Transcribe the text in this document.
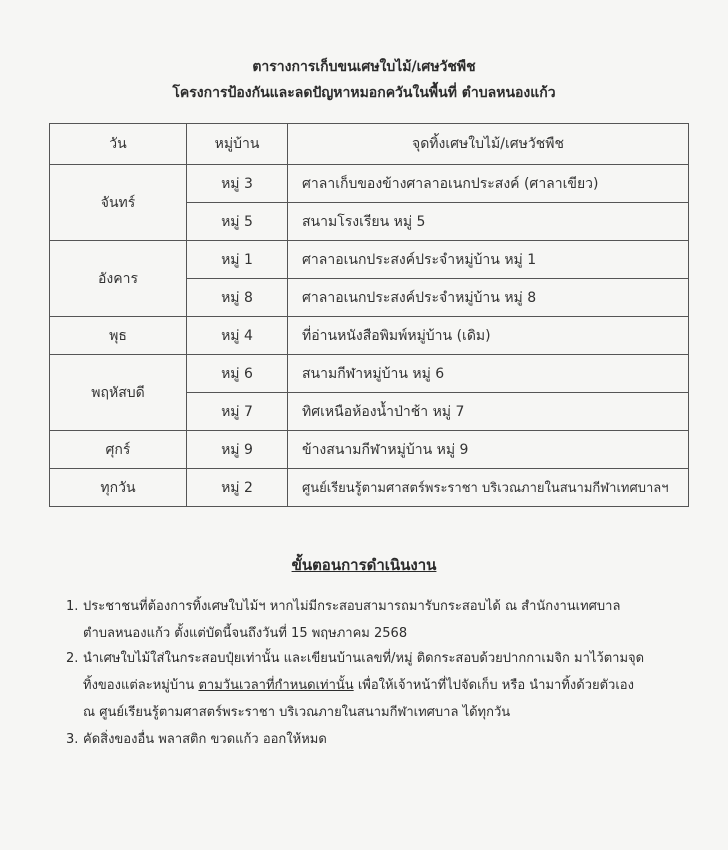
ตารางการเก็บขนเศษใบไม้/เศษวัชพืช
โครงการป้องกันและลดปัญหาหมอกควันในพื้นที่ ตำบลหนองแก้ว
วัน	หมู่บ้าน	จุดทิ้งเศษใบไม้/เศษวัชพืช
จันทร์	หมู่ 3	ศาลาเก็บของข้างศาลาอเนกประสงค์ (ศาลาเขียว)
	หมู่ 5	สนามโรงเรียน หมู่ 5
อังคาร	หมู่ 1	ศาลาอเนกประสงค์ประจำหมู่บ้าน หมู่ 1
	หมู่ 8	ศาลาอเนกประสงค์ประจำหมู่บ้าน หมู่ 8
พุธ	หมู่ 4	ที่อ่านหนังสือพิมพ์หมู่บ้าน (เดิม)
พฤหัสบดี	หมู่ 6	สนามกีฬาหมู่บ้าน หมู่ 6
	หมู่ 7	ทิศเหนือห้องน้ำป่าช้า หมู่ 7
ศุกร์	หมู่ 9	ข้างสนามกีฬาหมู่บ้าน หมู่ 9
ทุกวัน	หมู่ 2	ศูนย์เรียนรู้ตามศาสตร์พระราชา บริเวณภายในสนามกีฬาเทศบาลฯ
ขั้นตอนการดำเนินงาน
1. ประชาชนที่ต้องการทิ้งเศษใบไม้ฯ หากไม่มีกระสอบสามารถมารับกระสอบได้ ณ สำนักงานเทศบาล
ตำบลหนองแก้ว ตั้งแต่บัดนี้จนถึงวันที่ 15 พฤษภาคม 2568
2. นำเศษใบไม้ใส่ในกระสอบปุ๋ยเท่านั้น และเขียนบ้านเลขที่/หมู่ ติดกระสอบด้วยปากกาเมจิก มาไว้ตามจุด
ทิ้งของแต่ละหมู่บ้าน ตามวันเวลาที่กำหนดเท่านั้น เพื่อให้เจ้าหน้าที่ไปจัดเก็บ หรือ นำมาทิ้งด้วยตัวเอง
ณ ศูนย์เรียนรู้ตามศาสตร์พระราชา บริเวณภายในสนามกีฬาเทศบาล ได้ทุกวัน
3. คัดสิ่งของอื่น พลาสติก ขวดแก้ว ออกให้หมด
